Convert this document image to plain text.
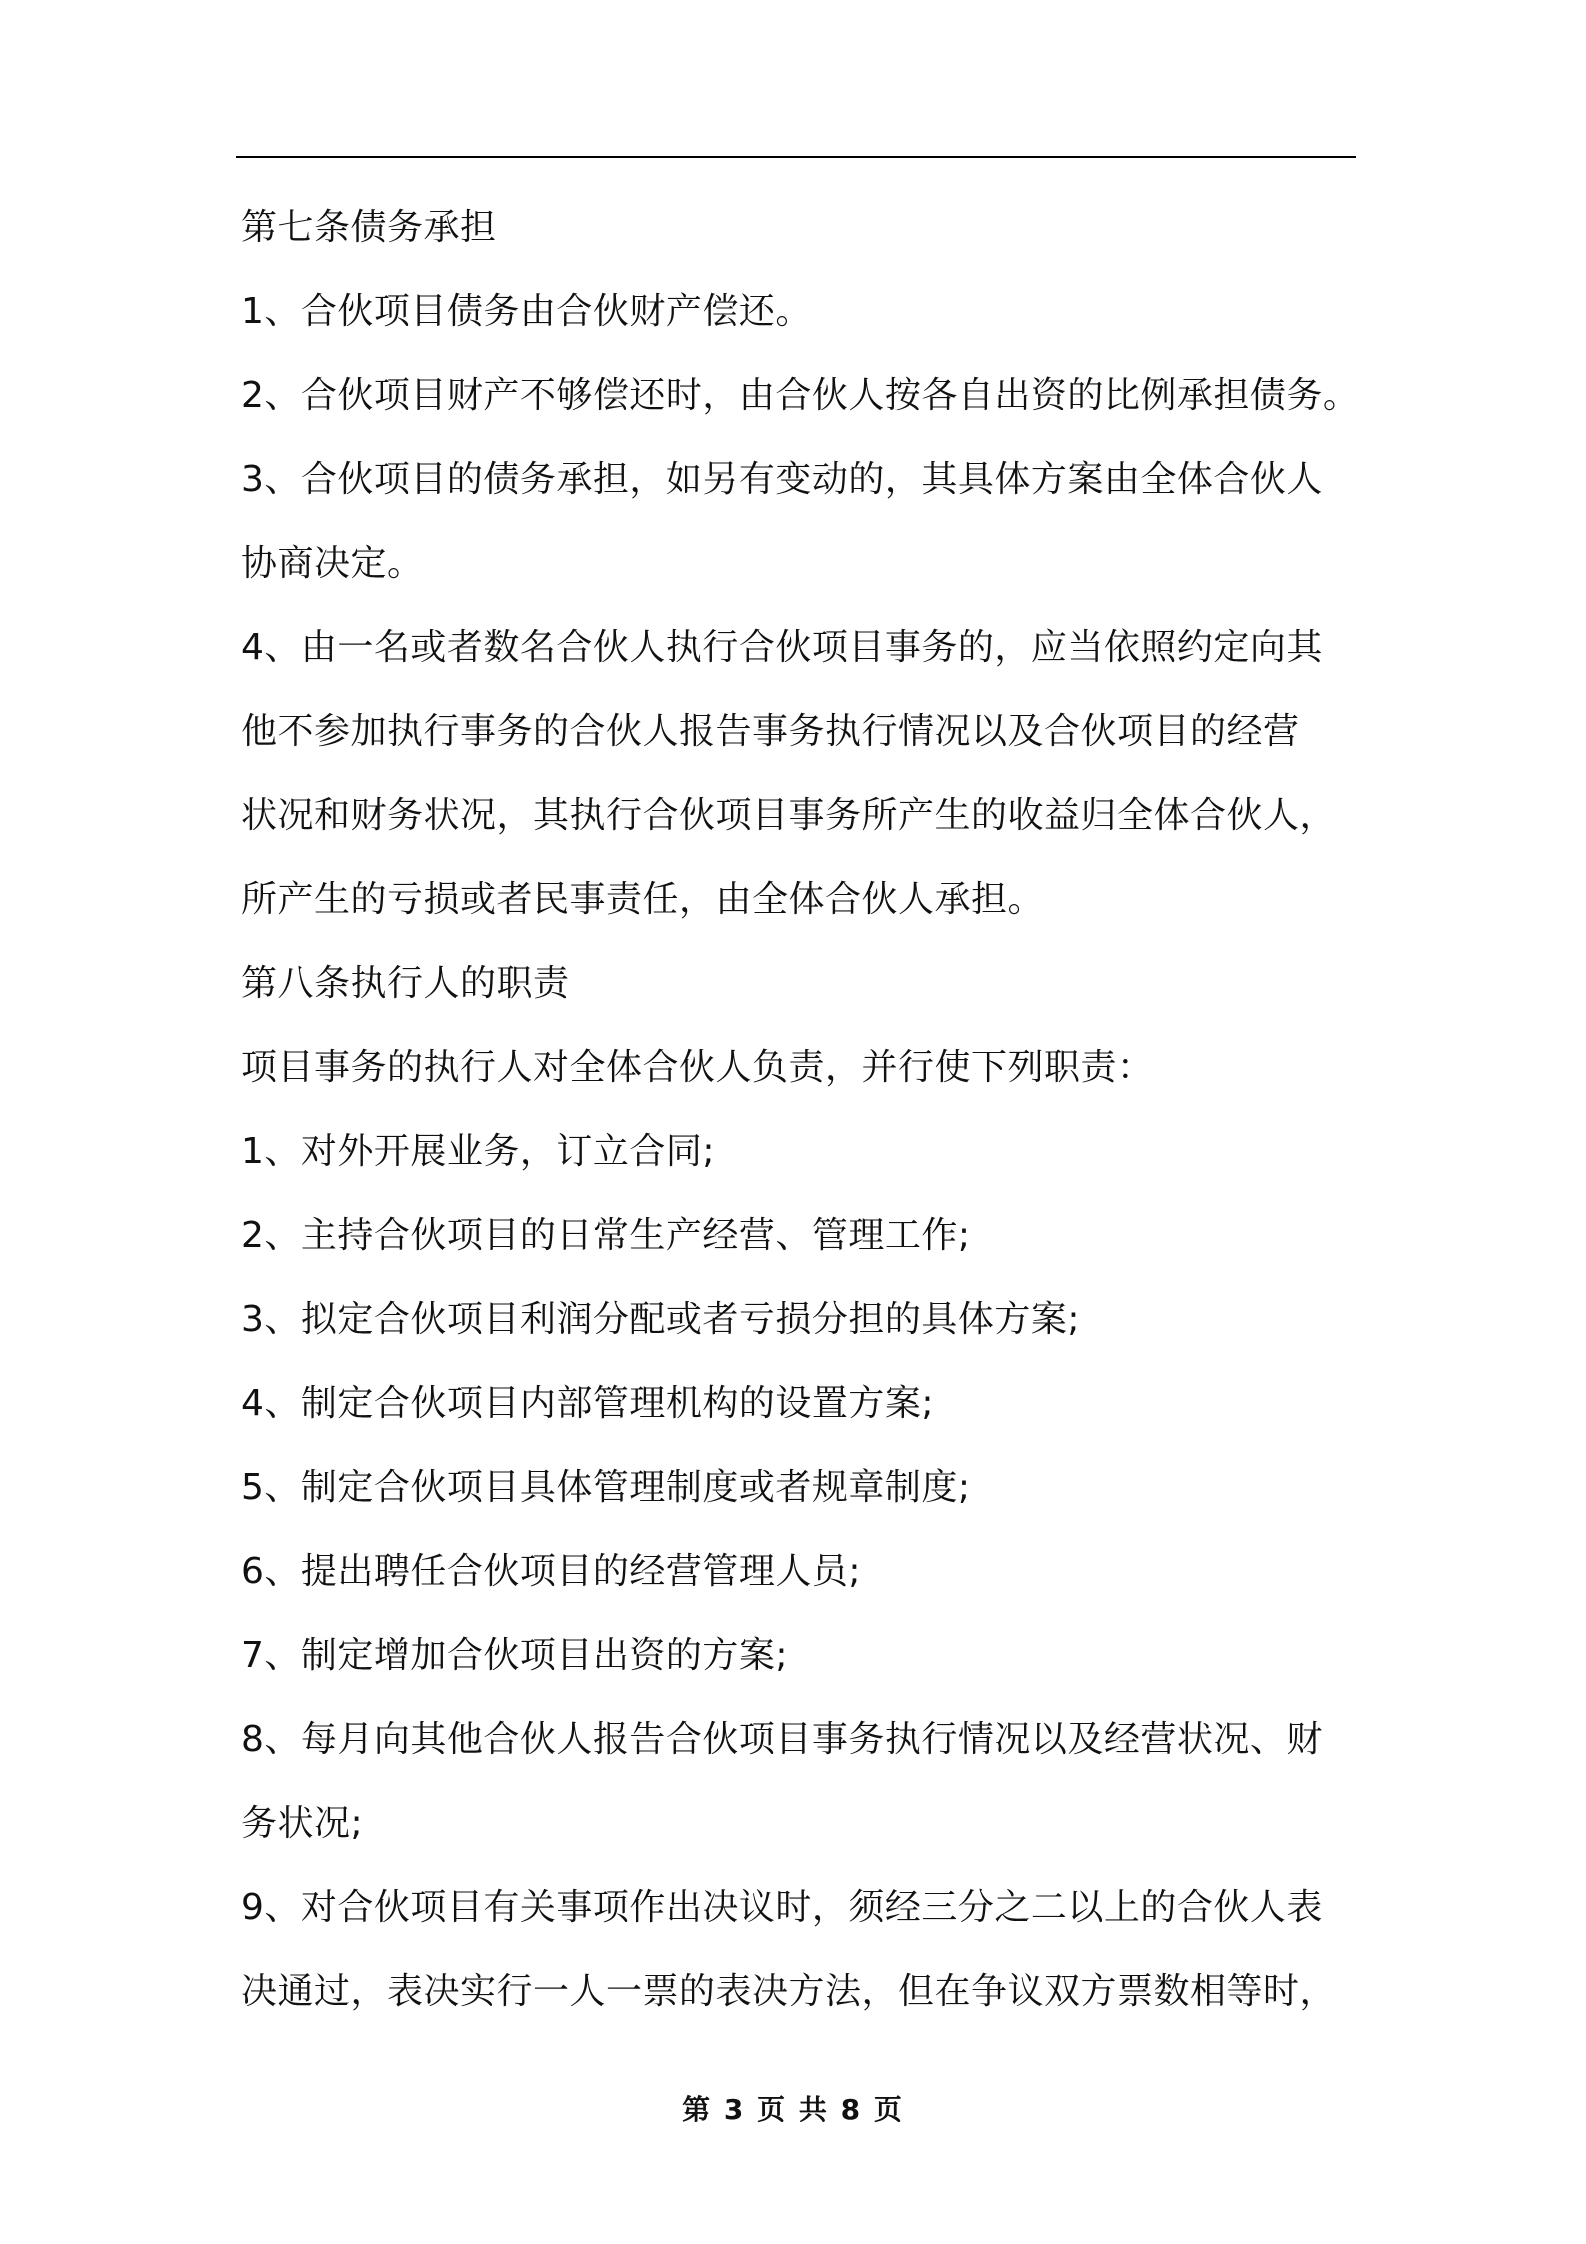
第七条债务承担
1、合伙项目债务由合伙财产偿还。
2、合伙项目财产不够偿还时，由合伙人按各自出资的比例承担债务。
3、合伙项目的债务承担，如另有变动的，其具体方案由全体合伙人
协商决定。
4、由一名或者数名合伙人执行合伙项目事务的，应当依照约定向其
他不参加执行事务的合伙人报告事务执行情况以及合伙项目的经营
状况和财务状况，其执行合伙项目事务所产生的收益归全体合伙人，
所产生的亏损或者民事责任，由全体合伙人承担。
第八条执行人的职责
项目事务的执行人对全体合伙人负责，并行使下列职责：
1、对外开展业务，订立合同;
2、主持合伙项目的日常生产经营、管理工作;
3、拟定合伙项目利润分配或者亏损分担的具体方案;
4、制定合伙项目内部管理机构的设置方案;
5、制定合伙项目具体管理制度或者规章制度;
6、提出聘任合伙项目的经营管理人员;
7、制定增加合伙项目出资的方案;
8、每月向其他合伙人报告合伙项目事务执行情况以及经营状况、财
务状况;
9、对合伙项目有关事项作出决议时，须经三分之二以上的合伙人表
决通过，表决实行一人一票的表决方法，但在争议双方票数相等时，
第 3 页 共 8 页
